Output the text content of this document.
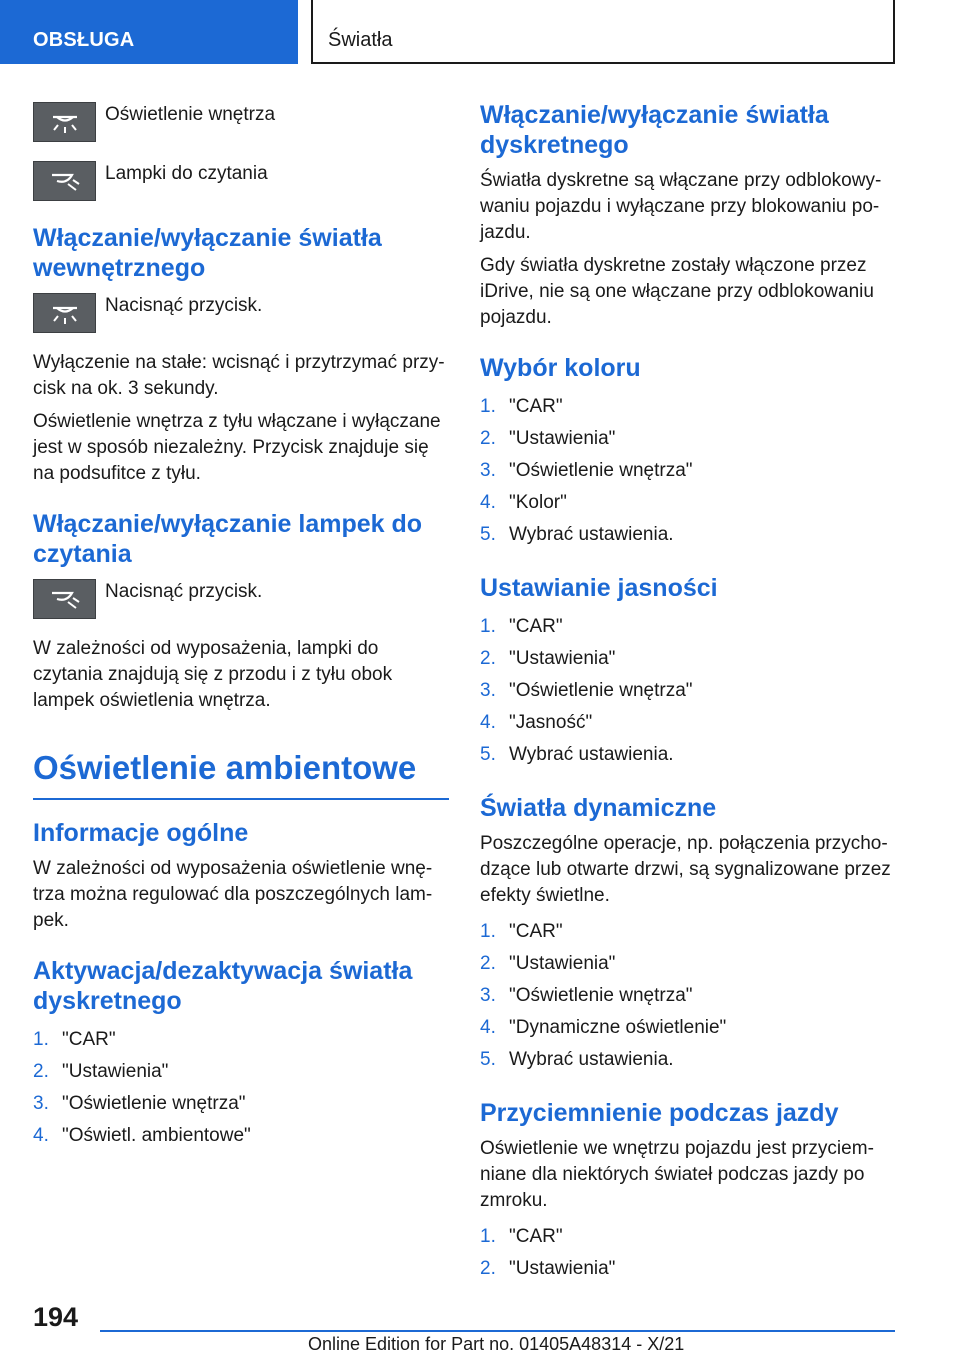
OBSŁUGA	Światła
Oświetlenie wnętrza
Lampki do czytania
Włączanie/wyłączanie światła wewnętrznego
Nacisnąć przycisk.
Wyłączenie na stałe: wcisnąć i przytrzymać przycisk na ok. 3 sekundy.
Oświetlenie wnętrza z tyłu włączane i wyłączane jest w sposób niezależny. Przycisk znajduje się na podsufitce z tyłu.
Włączanie/wyłączanie lampek do czytania
Nacisnąć przycisk.
W zależności od wyposażenia, lampki do czytania znajdują się z przodu i z tyłu obok lampek oświetlenia wnętrza.
Oświetlenie ambientowe
Informacje ogólne
W zależności od wyposażenia oświetlenie wnętrza można regulować dla poszczególnych lampek.
Aktywacja/dezaktywacja światła dyskretnego
1. "CAR"
2. "Ustawienia"
3. "Oświetlenie wnętrza"
4. "Oświetl. ambientowe"
Włączanie/wyłączanie światła dyskretnego
Światła dyskretne są włączane przy odblokowywaniu pojazdu i wyłączane przy blokowaniu pojazdu.
Gdy światła dyskretne zostały włączone przez iDrive, nie są one włączane przy odblokowaniu pojazdu.
Wybór koloru
1. "CAR"
2. "Ustawienia"
3. "Oświetlenie wnętrza"
4. "Kolor"
5. Wybrać ustawienia.
Ustawianie jasności
1. "CAR"
2. "Ustawienia"
3. "Oświetlenie wnętrza"
4. "Jasność"
5. Wybrać ustawienia.
Światła dynamiczne
Poszczególne operacje, np. połączenia przychodzące lub otwarte drzwi, są sygnalizowane przez efekty świetlne.
1. "CAR"
2. "Ustawienia"
3. "Oświetlenie wnętrza"
4. "Dynamiczne oświetlenie"
5. Wybrać ustawienia.
Przyciemnienie podczas jazdy
Oświetlenie we wnętrzu pojazdu jest przyciemniane dla niektórych świateł podczas jazdy po zmroku.
1. "CAR"
2. "Ustawienia"
194
Online Edition for Part no. 01405A48314 - X/21
